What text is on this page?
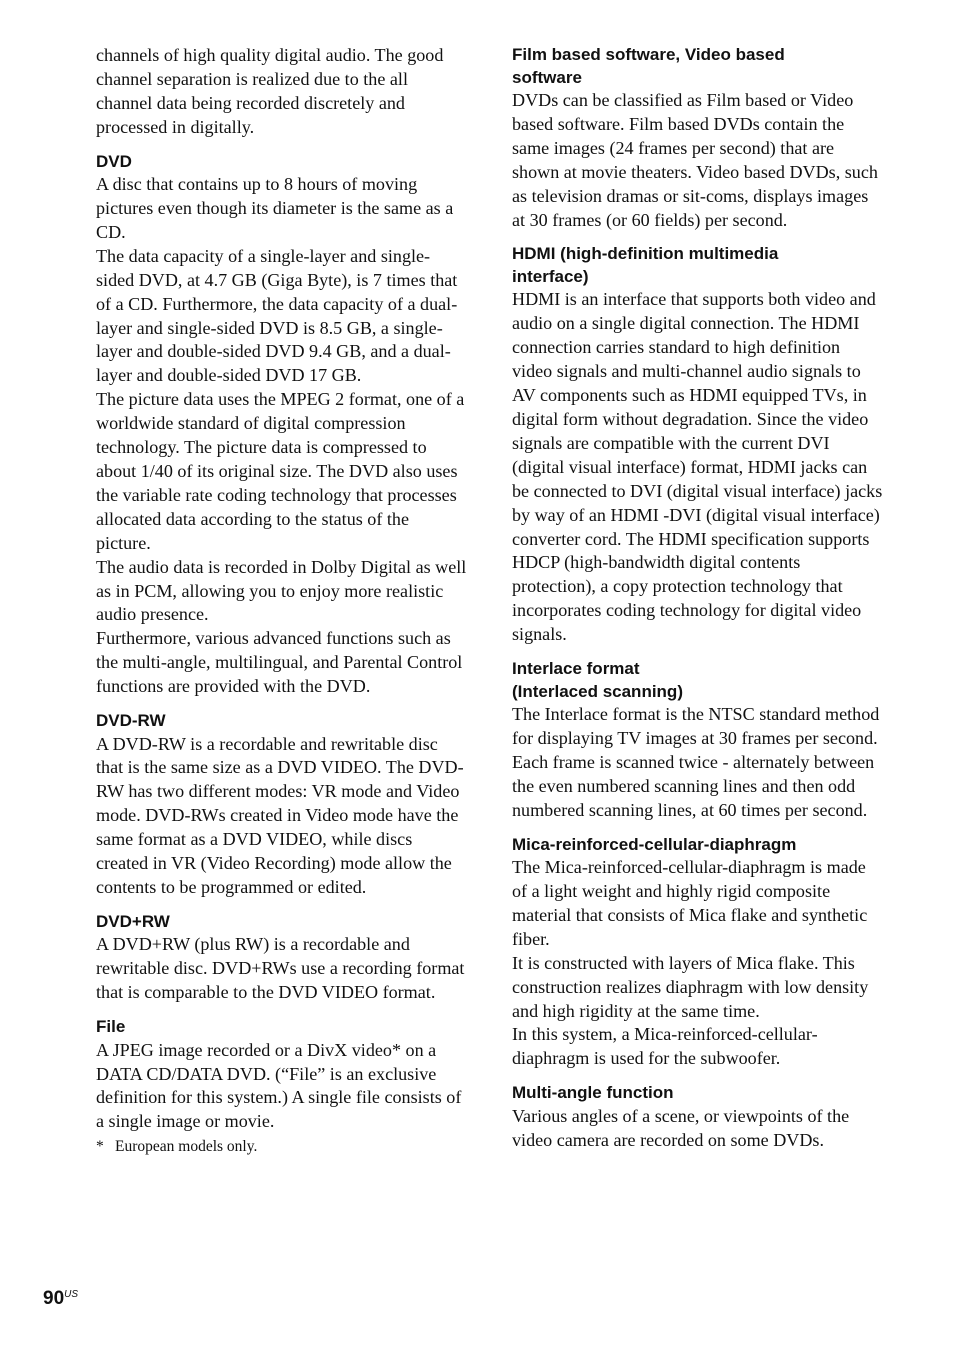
channels of high quality digital audio. The good channel separation is realized due to the all channel data being recorded discretely and processed in digitally.

DVD

A disc that contains up to 8 hours of moving pictures even though its diameter is the same as a CD.

The data capacity of a single-layer and single-sided DVD, at 4.7 GB (Giga Byte), is 7 times that of a CD. Furthermore, the data capacity of a dual-layer and single-sided DVD is 8.5 GB, a single-layer and double-sided DVD 9.4 GB, and a dual-layer and double-sided DVD 17 GB.

The picture data uses the MPEG 2 format, one of a worldwide standard of digital compression technology. The picture data is compressed to about 1/40 of its original size. The DVD also uses the variable rate coding technology that processes allocated data according to the status of the picture.

The audio data is recorded in Dolby Digital as well as in PCM, allowing you to enjoy more realistic audio presence.

Furthermore, various advanced functions such as the multi-angle, multilingual, and Parental Control functions are provided with the DVD.

DVD-RW

A DVD-RW is a recordable and rewritable disc that is the same size as a DVD VIDEO. The DVD-RW has two different modes: VR mode and Video mode. DVD-RWs created in Video mode have the same format as a DVD VIDEO, while discs created in VR (Video Recording) mode allow the contents to be programmed or edited.

DVD+RW

A DVD+RW (plus RW) is a recordable and rewritable disc. DVD+RWs use a recording format that is comparable to the DVD VIDEO format.

File

A JPEG image recorded or a DivX video* on a DATA CD/DATA DVD. (“File” is an exclusive definition for this system.) A single file consists of a single image or movie.

* European models only.

Film based software, Video based
software

DVDs can be classified as Film based or Video based software. Film based DVDs contain the same images (24 frames per second) that are shown at movie theaters. Video based DVDs, such as television dramas or sit-coms, displays images at 30 frames (or 60 fields) per second.

HDMI (high-definition multimedia
interface)

HDMI is an interface that supports both video and audio on a single digital connection. The HDMI connection carries standard to high definition video signals and multi-channel audio signals to AV components such as HDMI equipped TVs, in digital form without degradation. Since the video signals are compatible with the current DVI (digital visual interface) format, HDMI jacks can be connected to DVI (digital visual interface) jacks by way of an HDMI -DVI (digital visual interface) converter cord. The HDMI specification supports HDCP (high-bandwidth digital contents protection), a copy protection technology that incorporates coding technology for digital video signals.

Interlace format
(Interlaced scanning)

The Interlace format is the NTSC standard method for displaying TV images at 30 frames per second. Each frame is scanned twice - alternately between the even numbered scanning lines and then odd numbered scanning lines, at 60 times per second.

Mica-reinforced-cellular-diaphragm

The Mica-reinforced-cellular-diaphragm is made of a light weight and highly rigid composite material that consists of Mica flake and synthetic fiber.

It is constructed with layers of Mica flake. This construction realizes diaphragm with low density and high rigidity at the same time.

In this system, a Mica-reinforced-cellular-diaphragm is used for the subwoofer.

Multi-angle function

Various angles of a scene, or viewpoints of the video camera are recorded on some DVDs.

$90^{US}$
